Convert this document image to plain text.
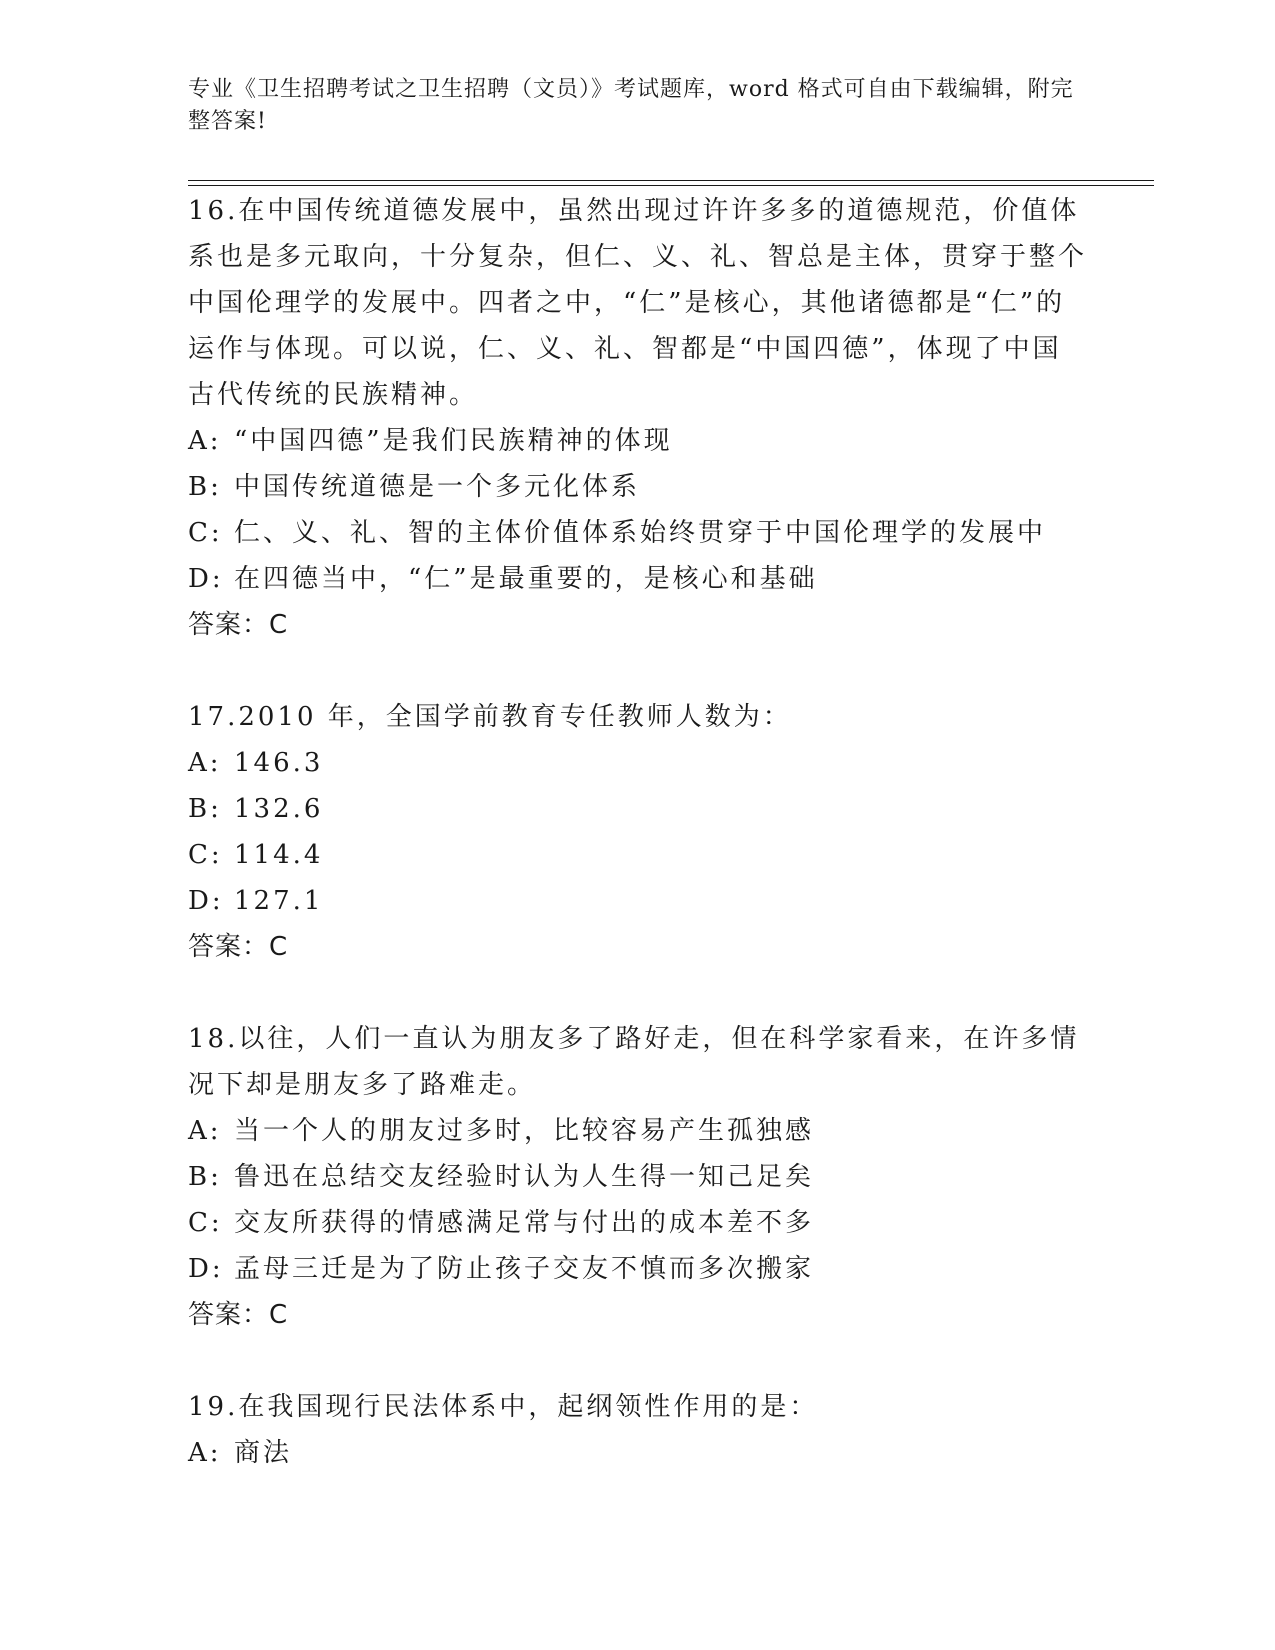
专业《卫生招聘考试之卫生招聘（文员）》考试题库，word 格式可自由下载编辑，附完整答案!

16.在中国传统道德发展中，虽然出现过许许多多的道德规范，价值体系也是多元取向，十分复杂，但仁、义、礼、智总是主体，贯穿于整个中国伦理学的发展中。四者之中，“仁”是核心，其他诸德都是“仁”的运作与体现。可以说，仁、义、礼、智都是“中国四德”，体现了中国古代传统的民族精神。

A: “中国四德”是我们民族精神的体现

B: 中国传统道德是一个多元化体系

C: 仁、义、礼、智的主体价值体系始终贯穿于中国伦理学的发展中

D: 在四德当中，“仁”是最重要的，是核心和基础

答案：C

17.2010 年，全国学前教育专任教师人数为：

A: 146.3

B: 132.6

C: 114.4

D: 127.1

答案：C

18.以往，人们一直认为朋友多了路好走，但在科学家看来，在许多情况下却是朋友多了路难走。

A: 当一个人的朋友过多时，比较容易产生孤独感

B: 鲁迅在总结交友经验时认为人生得一知己足矣

C: 交友所获得的情感满足常与付出的成本差不多

D: 孟母三迁是为了防止孩子交友不慎而多次搬家

答案：C

19.在我国现行民法体系中，起纲领性作用的是：

A: 商法
